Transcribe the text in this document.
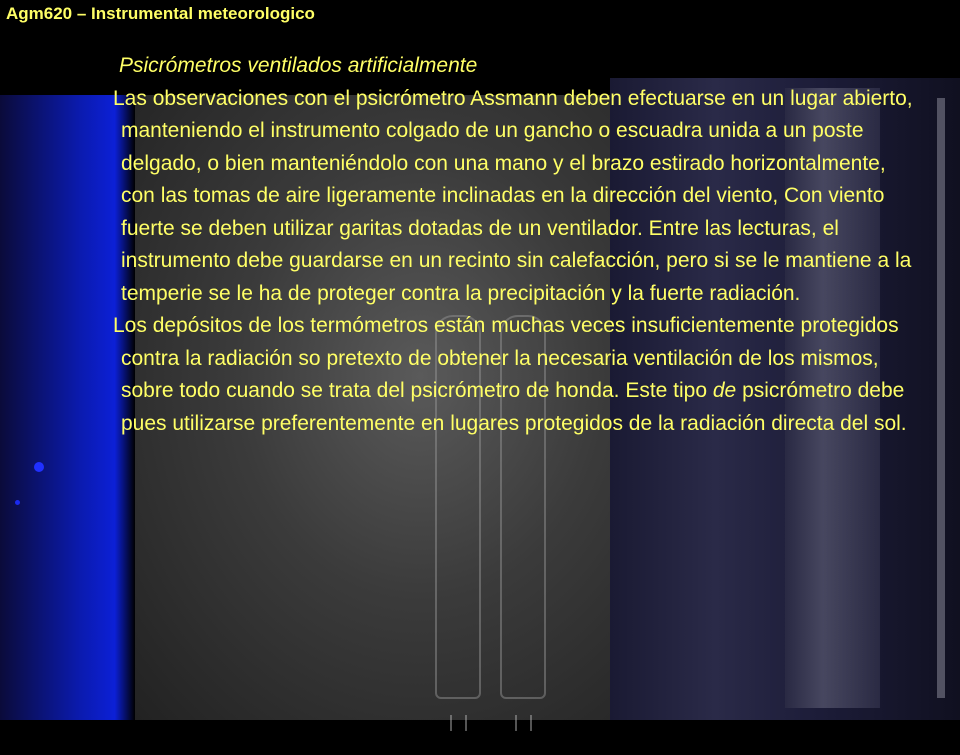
Agm620 – Instrumental meteorologico

Psicrómetros ventilados artificialmente

Las observaciones con el psicrómetro Assmann deben efectuarse en un lugar abierto, manteniendo el instrumento colgado de un gancho o escuadra unida a un poste delgado, o bien manteniéndolo con una mano y el brazo estirado horizontalmente, con las tomas de aire ligeramente inclinadas en la dirección del viento, Con viento fuerte se deben utilizar garitas dotadas de un ventilador. Entre las lecturas, el instrumento debe guardarse en un recinto sin calefacción, pero si se le mantiene a la temperie se le ha de proteger contra la precipitación y la fuerte radiación.

Los depósitos de los termómetros están muchas veces insuficientemente protegidos contra la radiación so pretexto de obtener la necesaria ventilación de los mismos, sobre todo cuando se trata del psicrómetro de honda. Este tipo de psicrómetro debe pues utilizarse preferentemente en lugares protegidos de la radiación directa del sol.
